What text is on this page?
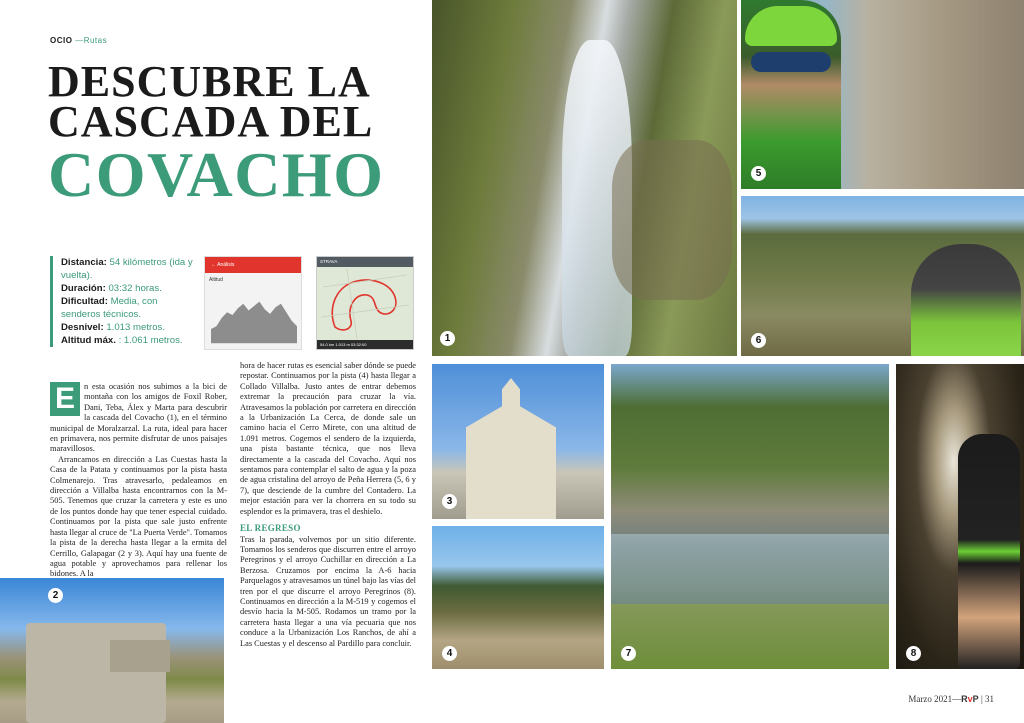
OCIO —Rutas
DESCUBRE LA
CASCADA DEL
COVACHO
Distancia: 54 kilómetros (ida y vuelta).
Duración: 03:32 horas.
Dificultad: Media, con senderos técnicos.
Desnivel: 1.013 metros.
Altitud máx. : 1.061 metros.
← Análisis
Altitud
STRAVA
54.0 km 1.013 m 03:32:00

E	n esta ocasión nos subimos a la bici de montaña con los amigos de Foxil Rober, Dani, Teba, Álex y Marta para descubrir la cascada del Covacho (1), en el término municipal de Moralzarzal. La ruta, ideal para hacer en primavera, nos permite disfrutar de unos paisajes maravillosos.

Arrancamos en dirección a Las Cuestas hasta la Casa de la Patata y continuamos por la pista hasta Colmenarejo. Tras atravesarlo, pedaleamos en dirección a Villalba hasta encontrarnos con la M-505. Tenemos que cruzar la carretera y este es uno de los puntos donde hay que tener especial cuidado. Continuamos por la pista que sale justo enfrente hasta llegar al cruce de "La Puerta Verde". Tomamos la pista de la derecha hasta llegar a la ermita del Cerrillo, Galapagar (2 y 3). Aquí hay una fuente de agua potable y aprovechamos para rellenar los bidones. A la

hora de hacer rutas es esencial saber dónde se puede repostar. Continuamos por la pista (4) hasta llegar a Collado Villalba. Justo antes de entrar debemos extremar la precaución para cruzar la vía. Atravesamos la población por carretera en dirección a la Urbanización La Cerca, de donde sale un camino hacia el Cerro Mirete, con una altitud de 1.091 metros. Cogemos el sendero de la izquierda, una pista bastante técnica, que nos lleva directamente a la cascada del Covacho. Aquí nos sentamos para contemplar el salto de agua y la poza de agua cristalina del arroyo de Peña Herrera (5, 6 y 7), que desciende de la cumbre del Contadero. La mejor estación para ver la chorrera en su todo su esplendor es la primavera, tras el deshielo.

EL REGRESO

Tras la parada, volvemos por un sitio diferente. Tomamos los senderos que discurren entre el arroyo Peregrinos y el arroyo Cuchillar en dirección a La Berzosa. Cruzamos por encima la A-6 hacia Parquelagos y atravesamos un túnel bajo las vías del tren por el que discurre el arroyo Peregrinos (8). Continuamos en dirección a la M-519 y cogemos el desvío hacia la M-505. Rodamos un tramo por la carretera hasta llegar a una vía pecuaria que nos conduce a la Urbanización Los Ranchos, de ahí a Las Cuestas y el descenso al Pardillo para concluir.

1
5
6
3
4	7	8
2
Marzo 2021—RvP | 31
